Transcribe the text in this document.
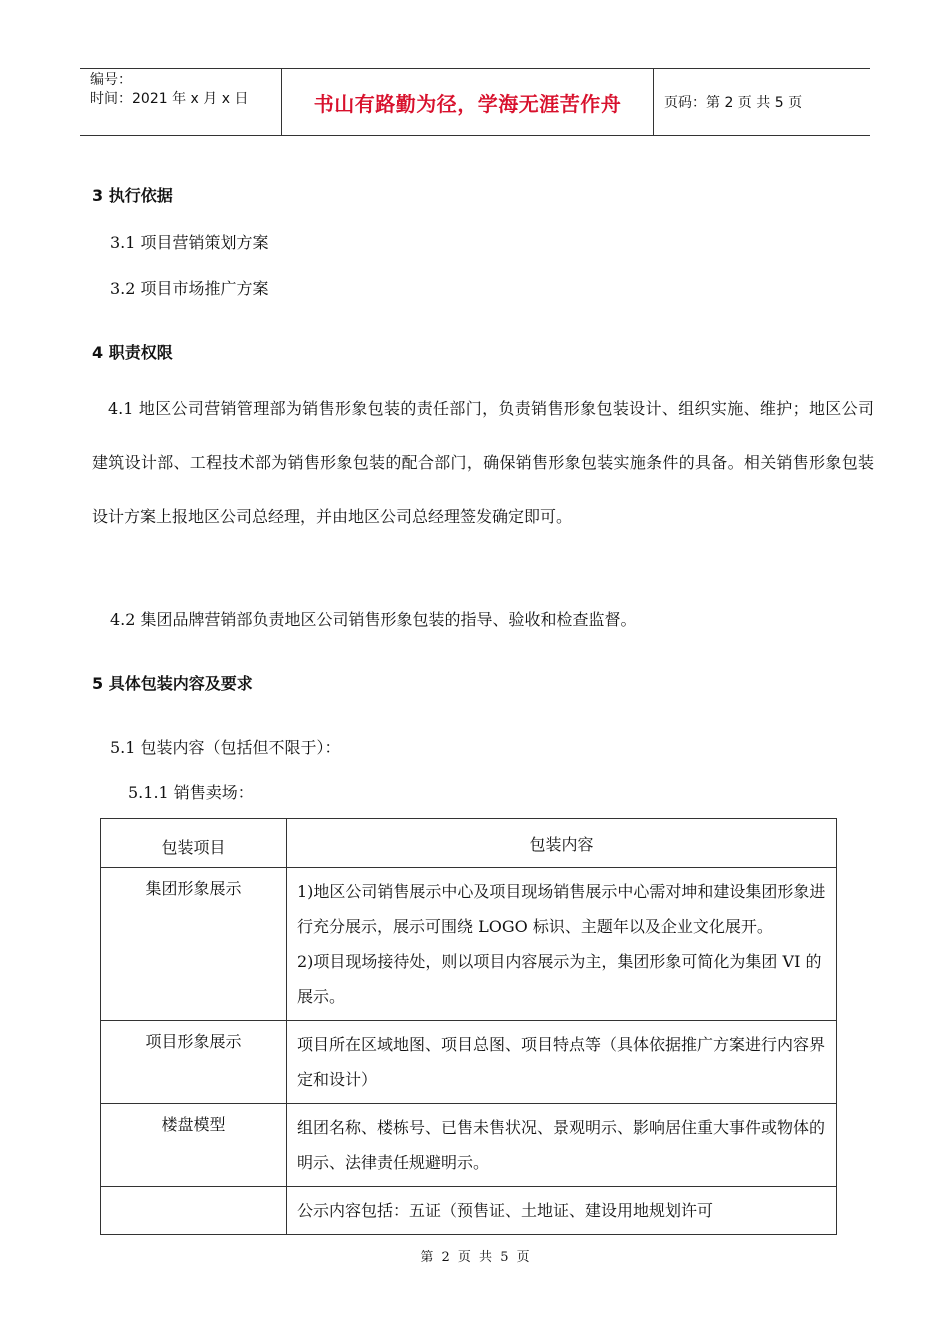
编号：
时间：2021 年 x 月 x 日	书山有路勤为径，学海无涯苦作舟	页码：第 2 页 共 5 页
3 执行依据
3.1 项目营销策划方案
3.2 项目市场推广方案
4 职责权限
4.1 地区公司营销管理部为销售形象包装的责任部门，负责销售形象包装设计、组织实施、维护；地区公司建筑设计部、工程技术部为销售形象包装的配合部门，确保销售形象包装实施条件的具备。相关销售形象包装设计方案上报地区公司总经理，并由地区公司总经理签发确定即可。
4.2 集团品牌营销部负责地区公司销售形象包装的指导、验收和检查监督。
5 具体包装内容及要求
5.1 包装内容（包括但不限于）：
5.1.1 销售卖场：
包装项目	包装内容
集团形象展示	1)地区公司销售展示中心及项目现场销售展示中心需对坤和建设集团形象进行充分展示，展示可围绕 LOGO 标识、主题年以及企业文化展开。
2)项目现场接待处，则以项目内容展示为主，集团形象可简化为集团 VI 的展示。

项目形象展示	项目所在区域地图、项目总图、项目特点等（具体依据推广方案进行内容界定和设计）

楼盘模型	组团名称、楼栋号、已售未售状况、景观明示、影响居住重大事件或物体的明示、法律责任规避明示。

	公示内容包括：五证（预售证、土地证、建设用地规划许可
第 2 页 共 5 页
